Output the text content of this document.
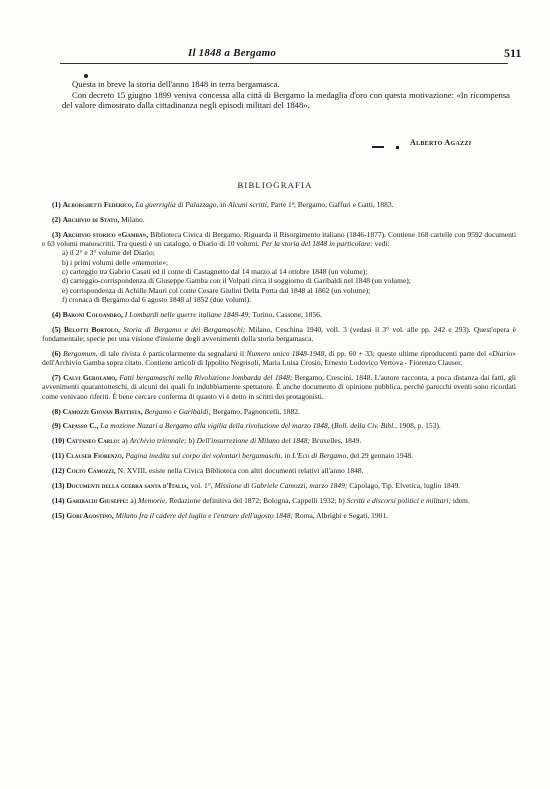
Il 1848 a Bergamo	511

Questa in breve la storia dell'anno 1848 in terra bergamasca.

Con decreto 15 giugno 1899 veniva concessa alla città di Bergamo la medaglia d'oro con questa motivazione: «In ricompensa del valore dimostrato dalla cittadinanza negli episodi militari del 1848».

Alberto Agazzi
BIBLIOGRAFIA

(1) Alborghetti Federico, La guerriglia di Palazzago, in Alcuni scritti, Parte 1ª; Bergamo, Gaffuri e Gatti, 1883.

(2) Archivio di Stato, Milano.

(3) Archivio storico «Gamba», Biblioteca Civica di Bergamo. Riguarda il Risorgimento italiano (1846-1877). Contiene 168 cartelle con 9592 documenti e 63 volumi manoscritti. Tra questi è un catalogo, o Diario di 10 volumi. Per la storia del 1848 in particolare: vedi:

a) il 2° e 3° volume del Diario;

b) i primi volumi delle «memorie»;

c) carteggio tra Gabrio Casati ed il conte di Castagnetto dal 14 marzo al 14 ottobre 1848 (un volume);

d) carteggio-corrispondenza di Giuseppe Gamba con il Volpati circa il soggiorno di Garibaldi nel 1848 (un volume);

e) corrispondenza di Achille Mauri col conte Cesare Giulini Della Porta dal 1848 al 1862 (un volume);

f) cronaca di Bergamo dal 6 agosto 1848 al 1852 (due volumi).

(4) Baroni Coloandro, I Lombardi nelle guerre italiane 1848-49; Torino, Cassone, 1856.

(5) Belotti Bortolo, Storia di Bergamo e dei Bergamaschi; Milano, Ceschina 1940, voll. 3 (vedasi il 3° vol. alle pp. 242 e 293). Quest'opera è fondamentale; specie per una visione d'insieme degli avvenimenti della storia bergamasca.

(6) Bergomum, di tale rivista è particolarmente da segnalarsi il Numero unico 1848-1948, di pp. 60 + 33; queste ultime riproducenti parte del «Diario» dell'Archivio Gamba sopra citato. Contiene articoli di Ippolito Negrisoli, Maria Luisa Crosio, Ernesto Lodovico Vertova - Fiorenzo Clauser.

(7) Calvi Gerolamo, Fatti bergamaschi nella Rivoluzione lombarda del 1848; Bergamo, Crescini, 1848. L'autore racconta, a poca distanza dai fatti, gli avvenimenti quarantotteschi, di alcuni dei quali fu indubbiamente spettatore. È anche documento di opinione pubblica, perchè parecchi eventi sono ricordati come venivano riferiti. È bene cercare conferma di quanto vi è detto in scritti dei protagonisti.

(8) Camozzi Giovan Battista, Bergamo e Garibaldi; Bergamo, Pagnoncelli, 1882.

(9) Capasso C., La mozione Nazari a Bergamo alla vigilia della rivoluzione del marzo 1848, (Boll. della Civ. Bibl., 1908, p. 153).

(10) Cattaneo Carlo: a) Archivio triennale; b) Dell'insurrezione di Milano del 1848; Bruxelles, 1849.

(11) Clauser Fiorenzo, Pagina inedita sul corpo dei volontari bergamaschi, in L'Eco di Bergamo, del 29 gennaio 1948.

(12) Colto Camozzi, N. XVIII, esiste nella Civica Biblioteca con altri documenti relativi all'anno 1848.

(13) Documenti della guerra santa d'Italia, vol. 1°, Missione di Gabriele Camozzi, marzo 1849; Capolago, Tip. Elvetica, luglio 1849.

(14) Garibaldi Giuseppe: a) Memorie, Redazione definitiva del 1872; Bologna, Cappelli 1932; b) Scritti e discorsi politici e militari; idem.

(15) Gori Agostino, Milano fra il cadere del luglio e l'entrare dell'agosto 1848; Roma, Albrighi e Segati, 1901.
